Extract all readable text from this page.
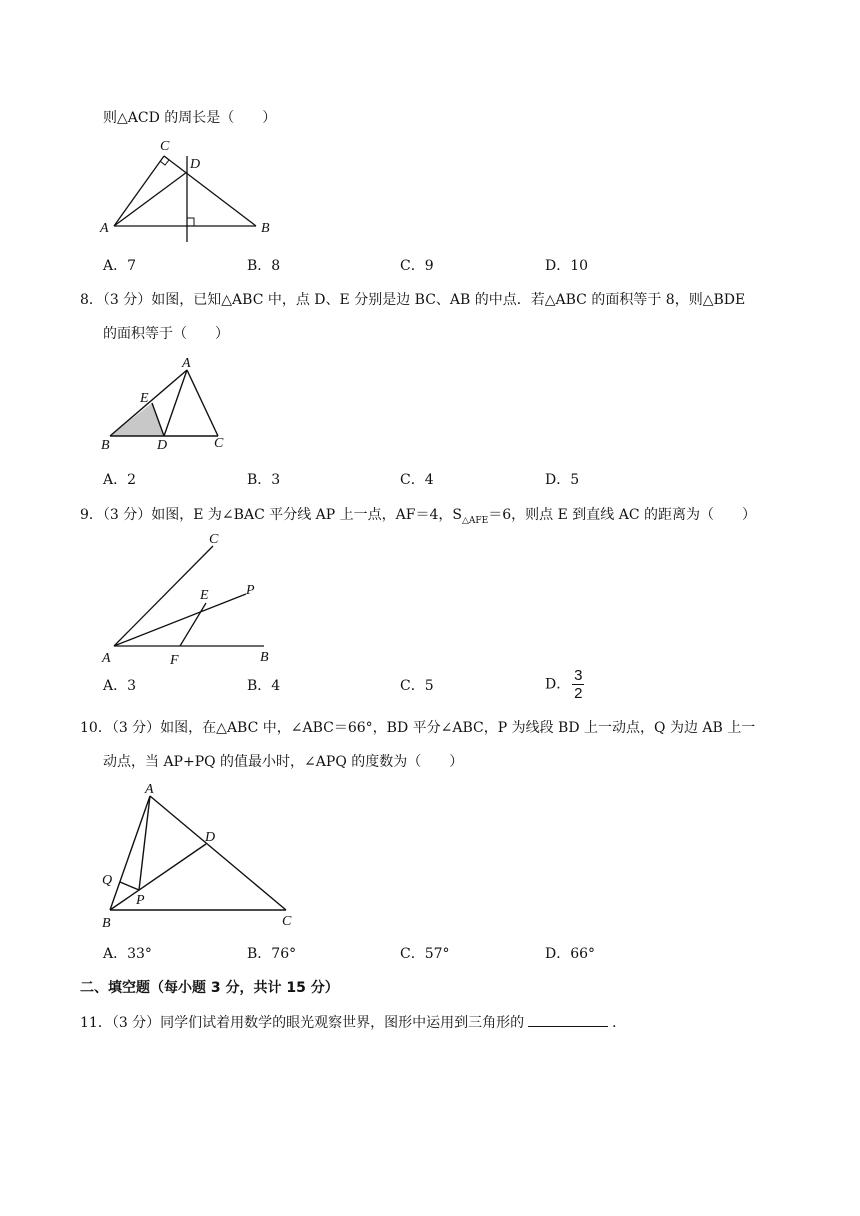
则△ACD 的周长是（　　）
C
D
A	B
A．7	B．8	C．9	D．10
8．（3 分）如图，已知△ABC 中，点 D、E 分别是边 BC、AB 的中点．若△ABC 的面积等于 8，则△BDE
的面积等于（　　）
A
E
B	D	C
A．2	B．3	C．4	D．5
9．（3 分）如图，E 为∠BAC 平分线 AP 上一点，AF＝4，$S_{\triangle AFE}=6$，则点 E 到直线 AC 的距离为（　　）
C
E	P
A	F	B
A．3	B．4	C．5	D． $\frac{3}{2}$
10．（3 分）如图，在△ABC 中，∠ABC＝66°，BD 平分∠ABC，P 为线段 BD 上一动点，Q 为边 AB 上一
动点，当 AP+PQ 的值最小时，∠APQ 的度数为（　　）
A
D
Q
P
B	C
A．33°	B．76°	C．57°	D．66°
二、填空题（每小题 3 分，共计 15 分）
11．（3 分）同学们试着用数学的眼光观察世界，图形中运用到三角形的	．
